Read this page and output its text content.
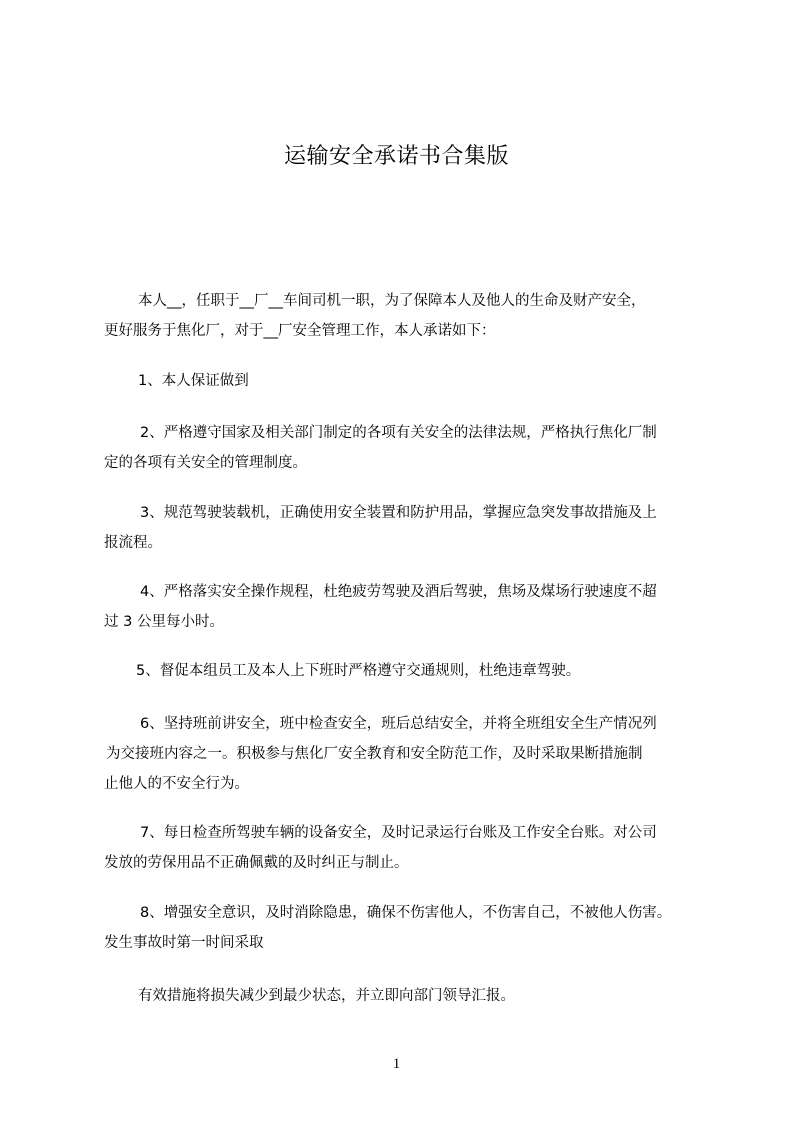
运输安全承诺书合集版
本人__，任职于__厂__车间司机一职，为了保障本人及他人的生命及财产安全，
更好服务于焦化厂，对于__厂安全管理工作，本人承诺如下：
1、本人保证做到
2、严格遵守国家及相关部门制定的各项有关安全的法律法规，严格执行焦化厂制
定的各项有关安全的管理制度。
3、规范驾驶装载机，正确使用安全装置和防护用品，掌握应急突发事故措施及上
报流程。
4、严格落实安全操作规程，杜绝疲劳驾驶及酒后驾驶，焦场及煤场行驶速度不超
过 3 公里每小时。
5、督促本组员工及本人上下班时严格遵守交通规则，杜绝违章驾驶。
6、坚持班前讲安全，班中检查安全，班后总结安全，并将全班组安全生产情况列
为交接班内容之一。积极参与焦化厂安全教育和安全防范工作，及时采取果断措施制
止他人的不安全行为。
7、每日检查所驾驶车辆的设备安全，及时记录运行台账及工作安全台账。对公司
发放的劳保用品不正确佩戴的及时纠正与制止。
8、增强安全意识，及时消除隐患，确保不伤害他人，不伤害自己，不被他人伤害。
发生事故时第一时间采取
有效措施将损失减少到最少状态，并立即向部门领导汇报。
1
